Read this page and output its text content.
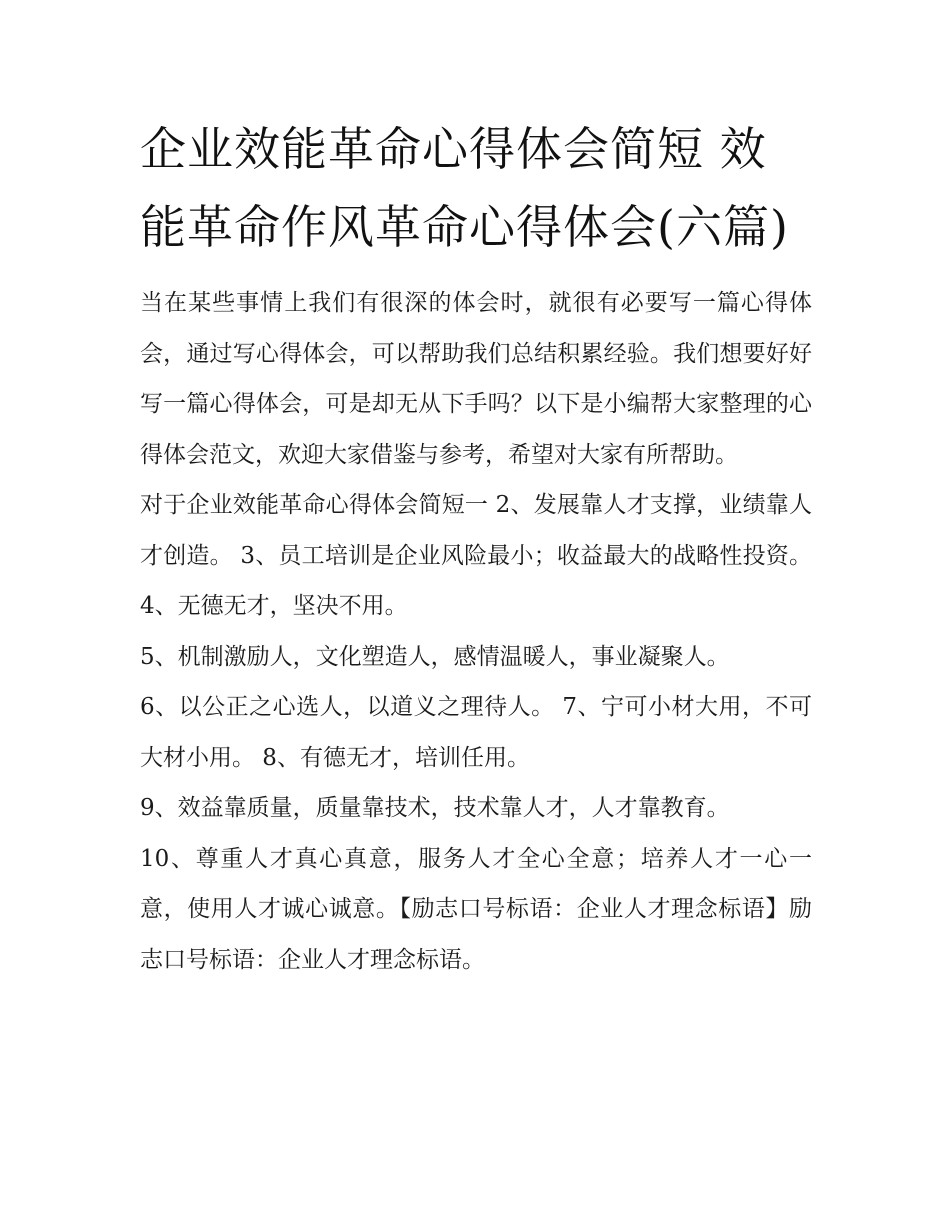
企业效能革命心得体会简短 效能革命作风革命心得体会(六篇)

当在某些事情上我们有很深的体会时，就很有必要写一篇心得体会，通过写心得体会，可以帮助我们总结积累经验。我们想要好好写一篇心得体会，可是却无从下手吗？以下是小编帮大家整理的心得体会范文，欢迎大家借鉴与参考，希望对大家有所帮助。

对于企业效能革命心得体会简短一 2、发展靠人才支撑，业绩靠人才创造。 3、员工培训是企业风险最小；收益最大的战略性投资。 4、无德无才，坚决不用。

5、机制激励人，文化塑造人，感情温暖人，事业凝聚人。

6、以公正之心选人，以道义之理待人。 7、宁可小材大用，不可大材小用。 8、有德无才，培训任用。

9、效益靠质量，质量靠技术，技术靠人才，人才靠教育。

10、尊重人才真心真意，服务人才全心全意；培养人才一心一意，使用人才诚心诚意。【励志口号标语：企业人才理念标语】励志口号标语：企业人才理念标语。
